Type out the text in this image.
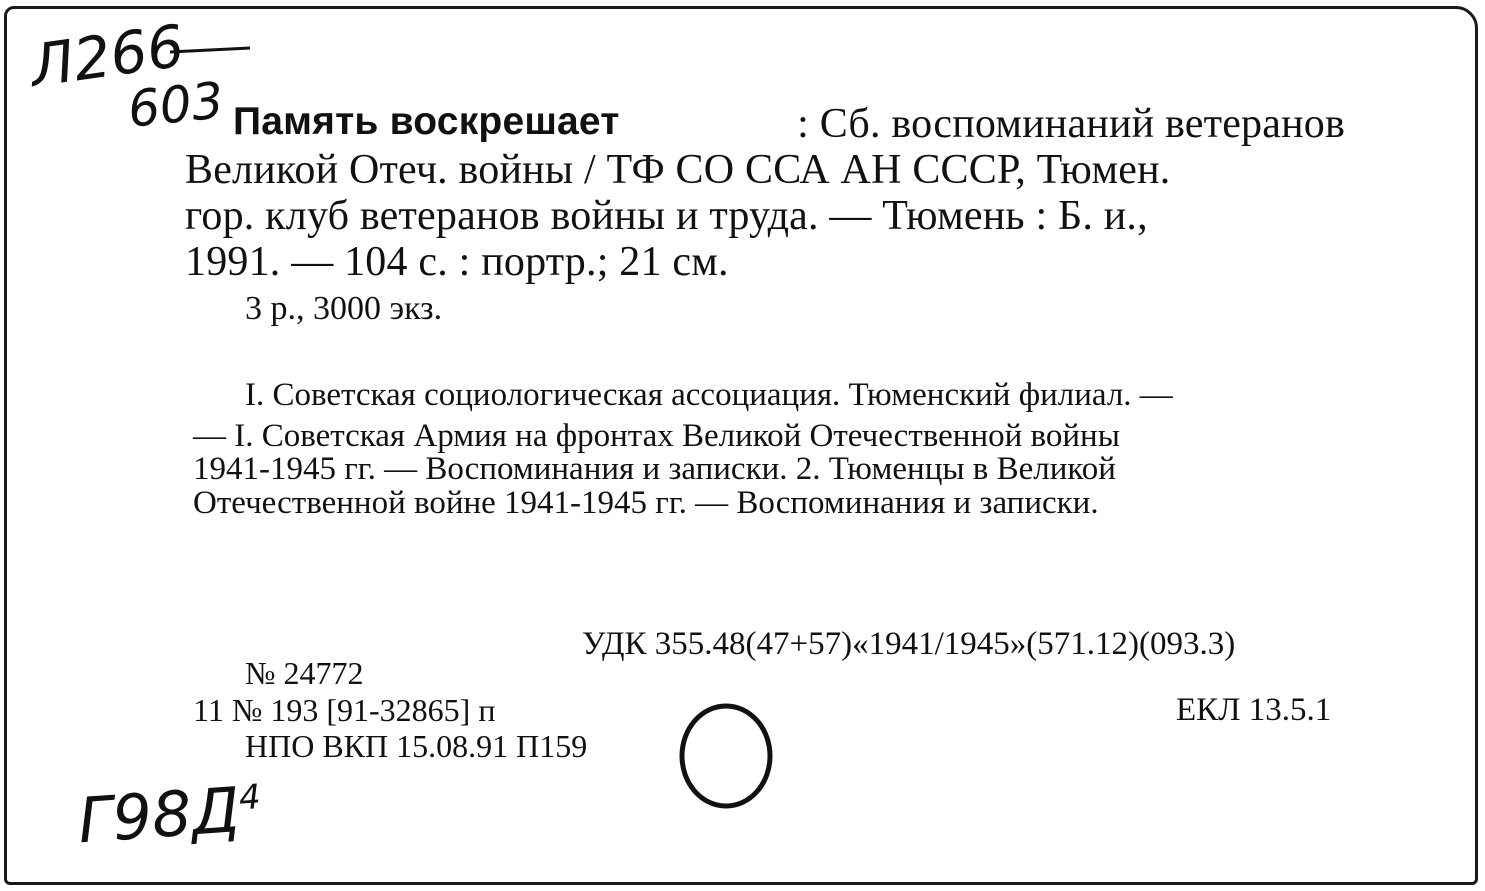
Л266
603 Память воскрешает	: Сб. воспоминаний ветеранов
Великой Отеч. войны / ТФ СО ССА АН СССР, Тюмен.
гор. клуб ветеранов войны и труда. — Тюмень : Б. и.,
1991. — 104 с. : портр.; 21 см.
3 р., 3000 экз.
I. Советская социологическая ассоциация. Тюменский филиал. —
— I. Советская Армия на фронтах Великой Отечественной войны
1941-1945 гг. — Воспоминания и записки. 2. Тюменцы в Великой
Отечественной войне 1941-1945 гг. — Воспоминания и записки.
УДК 355.48(47+57)«1941/1945»(571.12)(093.3)
№ 24772
11 № 193 [91-32865] п
НПО ВКП 15.08.91 П159
ЕКЛ 13.5.1
$Г98Д^4$
